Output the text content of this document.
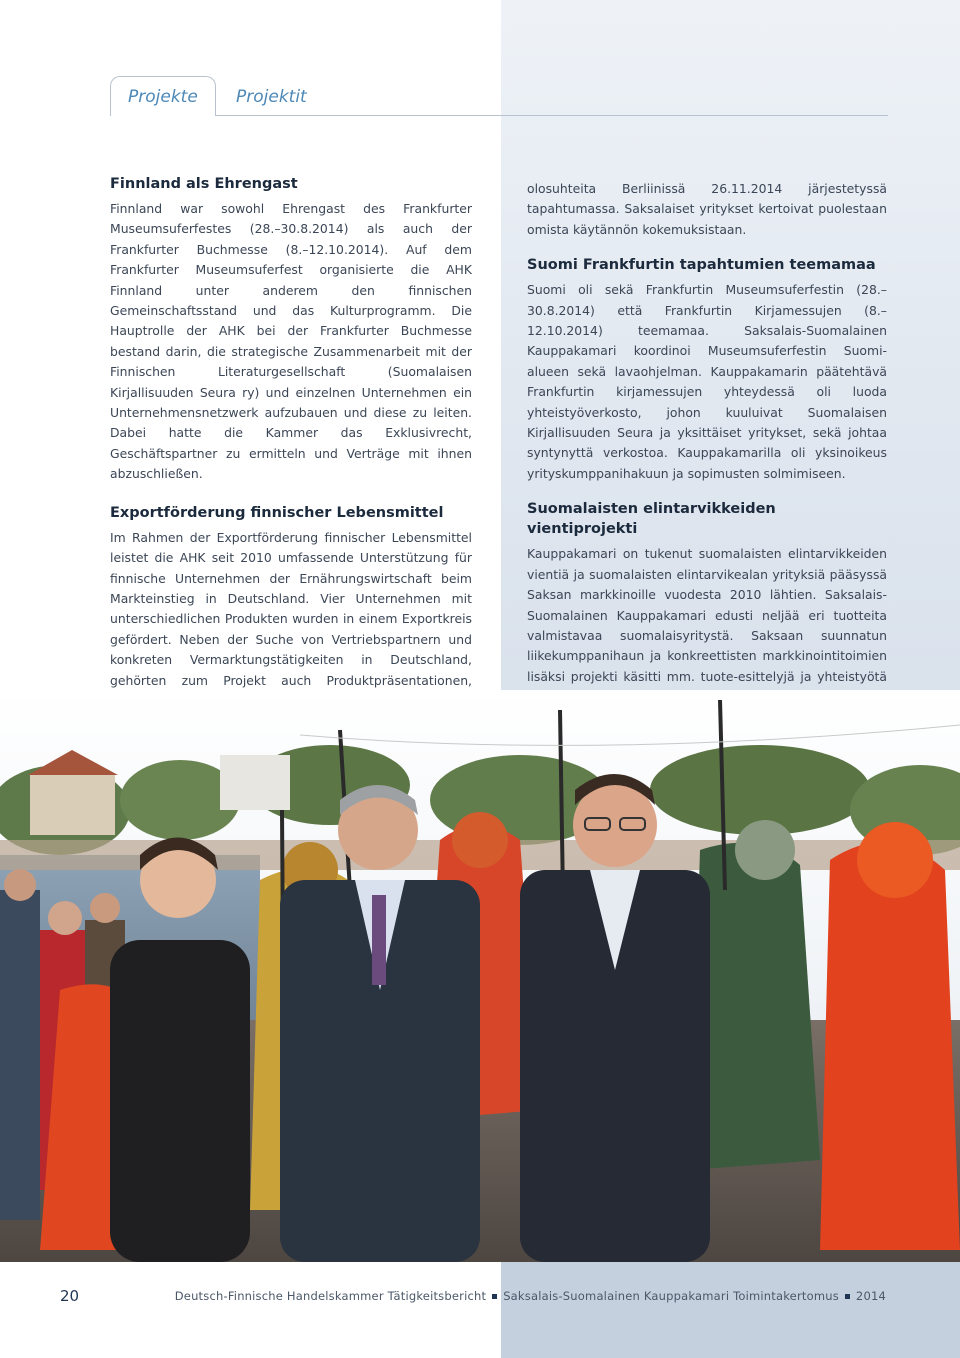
Projekte Projektit
Finnland als Ehrengast

Finnland war sowohl Ehrengast des Frankfurter Museumsuferfestes (28.–30.8.2014) als auch der Frankfurter Buchmesse (8.–12.10.2014). Auf dem Frankfurter Museumsuferfest organisierte die AHK Finnland unter anderem den finnischen Gemeinschaftsstand und das Kulturprogramm. Die Hauptrolle der AHK bei der Frankfurter Buchmesse bestand darin, die strategische Zusammenarbeit mit der Finnischen Literaturgesellschaft (Suomalaisen Kirjallisuuden Seura ry) und einzelnen Unternehmen ein Unternehmensnetzwerk aufzubauen und diese zu leiten. Dabei hatte die Kammer das Exklusivrecht, Geschäftspartner zu ermitteln und Verträge mit ihnen abzuschließen.

Exportförderung finnischer Lebensmittel

Im Rahmen der Exportförderung finnischer Lebensmittel leistet die AHK seit 2010 umfassende Unterstützung für finnische Unternehmen der Ernährungswirtschaft beim Markteinstieg in Deutschland. Vier Unternehmen mit unterschiedlichen Produkten wurden in einem Exportkreis gefördert. Neben der Suche von Vertriebspartnern und konkreten Vermarktungstätigkeiten in Deutschland, gehörten zum Projekt auch Produktpräsentationen,

olosuhteita Berliinissä 26.11.2014 järjestetyssä tapahtumassa. Saksalaiset yritykset kertoivat puolestaan omista käytännön kokemuksistaan.

Suomi Frankfurtin tapahtumien teemamaa

Suomi oli sekä Frankfurtin Museumsuferfestin (28.–30.8.2014) että Frankfurtin Kirjamessujen (8.–12.10.2014) teemamaa. Saksalais-Suomalainen Kauppakamari koordinoi Museumsuferfestin Suomi-alueen sekä lavaohjelman. Kauppakamarin päätehtävä Frankfurtin kirjamessujen yhteydessä oli luoda yhteistyöverkosto, johon kuuluivat Suomalaisen Kirjallisuuden Seura ja yksittäiset yritykset, sekä johtaa syntynyttä verkostoa. Kauppakamarilla oli yksinoikeus yrityskumppanihakuun ja sopimusten solmimiseen.

Suomalaisten elintarvikkeiden vientiprojekti

Kauppakamari on tukenut suomalaisten elintarvikkeiden vientiä ja suomalaisten elintarvikealan yrityksiä pääsyssä Saksan markkinoille vuodesta 2010 lähtien. Saksalais-Suomalainen Kauppakamari edusti neljää eri tuotteita valmistavaa suomalaisyritystä. Saksaan suunnatun liikekumppanihaun ja konkreettisten markkinointitoimien lisäksi projekti käsitti mm. tuote-esittelyjä ja yhteistyötä

20	Deutsch-Finnische Handelskammer Tätigkeitsbericht Saksalais-Suomalainen Kauppakamari Toimintakertomus 2014
